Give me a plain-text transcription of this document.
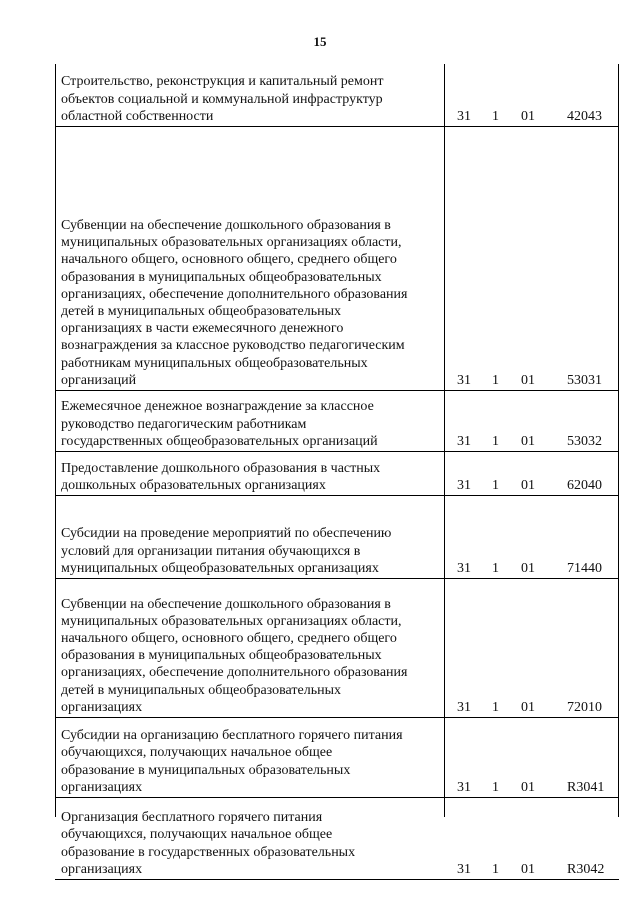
15
Строительство, реконструкция и капитальный ремонт
объектов социальной и коммунальной инфраструктур
областной собственности	31 1 01 42043
Субвенции на обеспечение дошкольного образования в
муниципальных образовательных организациях области,
начального общего, основного общего, среднего общего
образования в муниципальных общеобразовательных
организациях, обеспечение дополнительного образования
детей в муниципальных общеобразовательных
организациях в части ежемесячного денежного
вознаграждения за классное руководство педагогическим
работникам муниципальных общеобразовательных
организаций	31 1 01 53031
Ежемесячное денежное вознаграждение за классное
руководство педагогическим работникам
государственных общеобразовательных организаций	31 1 01 53032
Предоставление дошкольного образования в частных
дошкольных образовательных организациях	31 1 01 62040
Субсидии на проведение мероприятий по обеспечению
условий для организации питания обучающихся в
муниципальных общеобразовательных организациях	31 1 01 71440
Субвенции на обеспечение дошкольного образования в
муниципальных образовательных организациях области,
начального общего, основного общего, среднего общего
образования в муниципальных общеобразовательных
организациях, обеспечение дополнительного образования
детей в муниципальных общеобразовательных
организациях	31 1 01 72010
Субсидии на организацию бесплатного горячего питания
обучающихся, получающих начальное общее
образование в муниципальных образовательных
организациях	31 1 01 R3041
Организация бесплатного горячего питания
обучающихся, получающих начальное общее
образование в государственных образовательных
организациях	31 1 01 R3042
